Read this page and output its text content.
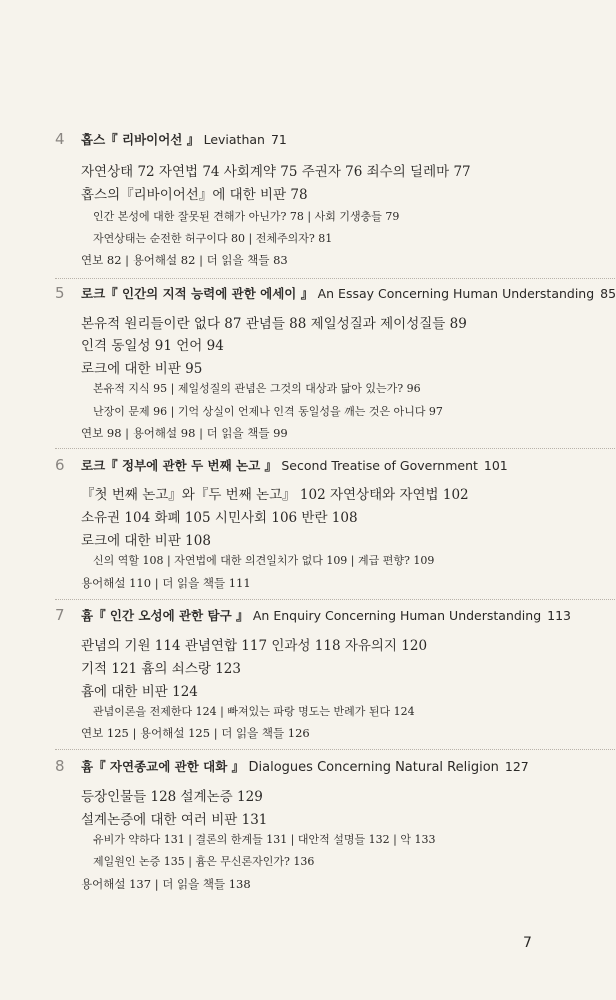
4 홉스『 리바이어선 』 Leviathan 71
자연상태 72 자연법 74 사회계약 75 주권자 76 죄수의 딜레마 77
홉스의『리바이어선』에 대한 비판 78
인간 본성에 대한 잘못된 견해가 아닌가? 78 | 사회 기생충들 79
자연상태는 순전한 허구이다 80 | 전체주의자? 81
연보 82 | 용어해설 82 | 더 읽을 책들 83
5 로크『 인간의 지적 능력에 관한 에세이 』 An Essay Concerning Human Understanding 85
본유적 원리들이란 없다 87 관념들 88 제일성질과 제이성질들 89
인격 동일성 91 언어 94
로크에 대한 비판 95
본유적 지식 95 | 제일성질의 관념은 그것의 대상과 닮아 있는가? 96
난장이 문제 96 | 기억 상실이 언제나 인격 동일성을 깨는 것은 아니다 97
연보 98 | 용어해설 98 | 더 읽을 책들 99
6 로크『 정부에 관한 두 번째 논고 』 Second Treatise of Government 101
『첫 번째 논고』와『두 번째 논고』 102 자연상태와 자연법 102
소유권 104 화폐 105 시민사회 106 반란 108
로크에 대한 비판 108
신의 역할 108 | 자연법에 대한 의견일치가 없다 109 | 계급 편향? 109
용어해설 110 | 더 읽을 책들 111
7 흄『 인간 오성에 관한 탐구 』 An Enquiry Concerning Human Understanding 113
관념의 기원 114 관념연합 117 인과성 118 자유의지 120
기적 121 흄의 쇠스랑 123
흄에 대한 비판 124
관념이론을 전제한다 124 | 빠져있는 파랑 명도는 반례가 된다 124
연보 125 | 용어해설 125 | 더 읽을 책들 126
8 흄『 자연종교에 관한 대화 』 Dialogues Concerning Natural Religion 127
등장인물들 128 설계논증 129
설계논증에 대한 여러 비판 131
유비가 약하다 131 | 결론의 한계들 131 | 대안적 설명들 132 | 악 133
제일원인 논증 135 | 흄은 무신론자인가? 136
용어해설 137 | 더 읽을 책들 138
7
